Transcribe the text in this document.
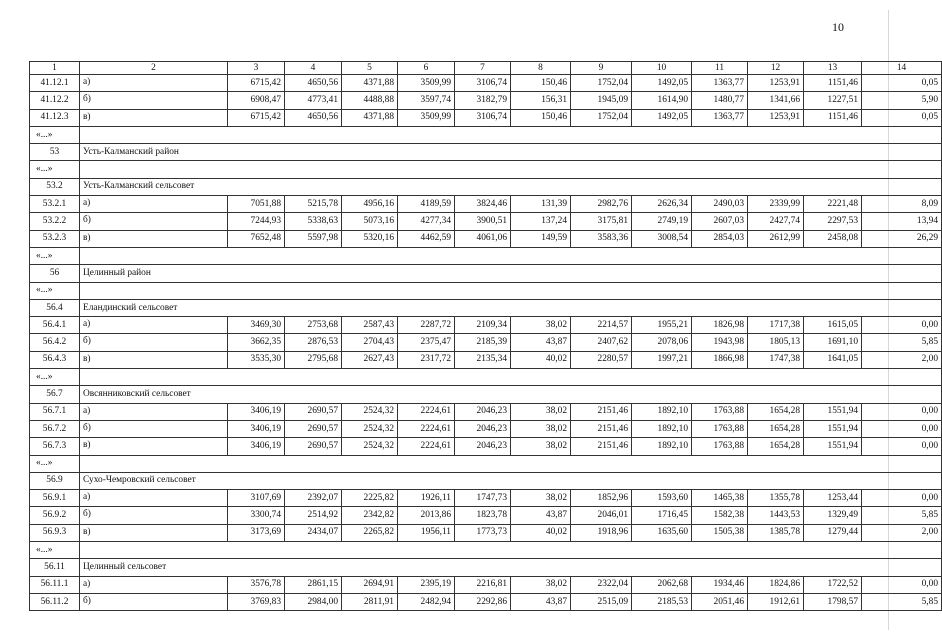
10
1	2	3	4	5	6	7	8	9	10	11	12	13	14
41.12.1	а)	6715,42	4650,56	4371,88	3509,99	3106,74	150,46	1752,04	1492,05	1363,77	1253,91	1151,46	0,05
41.12.2	б)	6908,47	4773,41	4488,88	3597,74	3182,79	156,31	1945,09	1614,90	1480,77	1341,66	1227,51	5,90
41.12.3	в)	6715,42	4650,56	4371,88	3509,99	3106,74	150,46	1752,04	1492,05	1363,77	1253,91	1151,46	0,05
«...»													
53	Усть-Калманский район												
«...»													
53.2	Усть-Калманский сельсовет												
53.2.1	а)	7051,88	5215,78	4956,16	4189,59	3824,46	131,39	2982,76	2626,34	2490,03	2339,99	2221,48	8,09
53.2.2	б)	7244,93	5338,63	5073,16	4277,34	3900,51	137,24	3175,81	2749,19	2607,03	2427,74	2297,53	13,94
53.2.3	в)	7652,48	5597,98	5320,16	4462,59	4061,06	149,59	3583,36	3008,54	2854,03	2612,99	2458,08	26,29
«...»													
56	Целинный район												
«...»													
56.4	Еландинский сельсовет												
56.4.1	а)	3469,30	2753,68	2587,43	2287,72	2109,34	38,02	2214,57	1955,21	1826,98	1717,38	1615,05	0,00
56.4.2	б)	3662,35	2876,53	2704,43	2375,47	2185,39	43,87	2407,62	2078,06	1943,98	1805,13	1691,10	5,85
56.4.3	в)	3535,30	2795,68	2627,43	2317,72	2135,34	40,02	2280,57	1997,21	1866,98	1747,38	1641,05	2,00
«...»													
56.7	Овсянниковский сельсовет												
56.7.1	а)	3406,19	2690,57	2524,32	2224,61	2046,23	38,02	2151,46	1892,10	1763,88	1654,28	1551,94	0,00
56.7.2	б)	3406,19	2690,57	2524,32	2224,61	2046,23	38,02	2151,46	1892,10	1763,88	1654,28	1551,94	0,00
56.7.3	в)	3406,19	2690,57	2524,32	2224,61	2046,23	38,02	2151,46	1892,10	1763,88	1654,28	1551,94	0,00
«...»													
56.9	Сухо-Чемровский сельсовет												
56.9.1	а)	3107,69	2392,07	2225,82	1926,11	1747,73	38,02	1852,96	1593,60	1465,38	1355,78	1253,44	0,00
56.9.2	б)	3300,74	2514,92	2342,82	2013,86	1823,78	43,87	2046,01	1716,45	1582,38	1443,53	1329,49	5,85
56.9.3	в)	3173,69	2434,07	2265,82	1956,11	1773,73	40,02	1918,96	1635,60	1505,38	1385,78	1279,44	2,00
«...»													
56.11	Целинный сельсовет												
56.11.1	а)	3576,78	2861,15	2694,91	2395,19	2216,81	38,02	2322,04	2062,68	1934,46	1824,86	1722,52	0,00
56.11.2	б)	3769,83	2984,00	2811,91	2482,94	2292,86	43,87	2515,09	2185,53	2051,46	1912,61	1798,57	5,85
